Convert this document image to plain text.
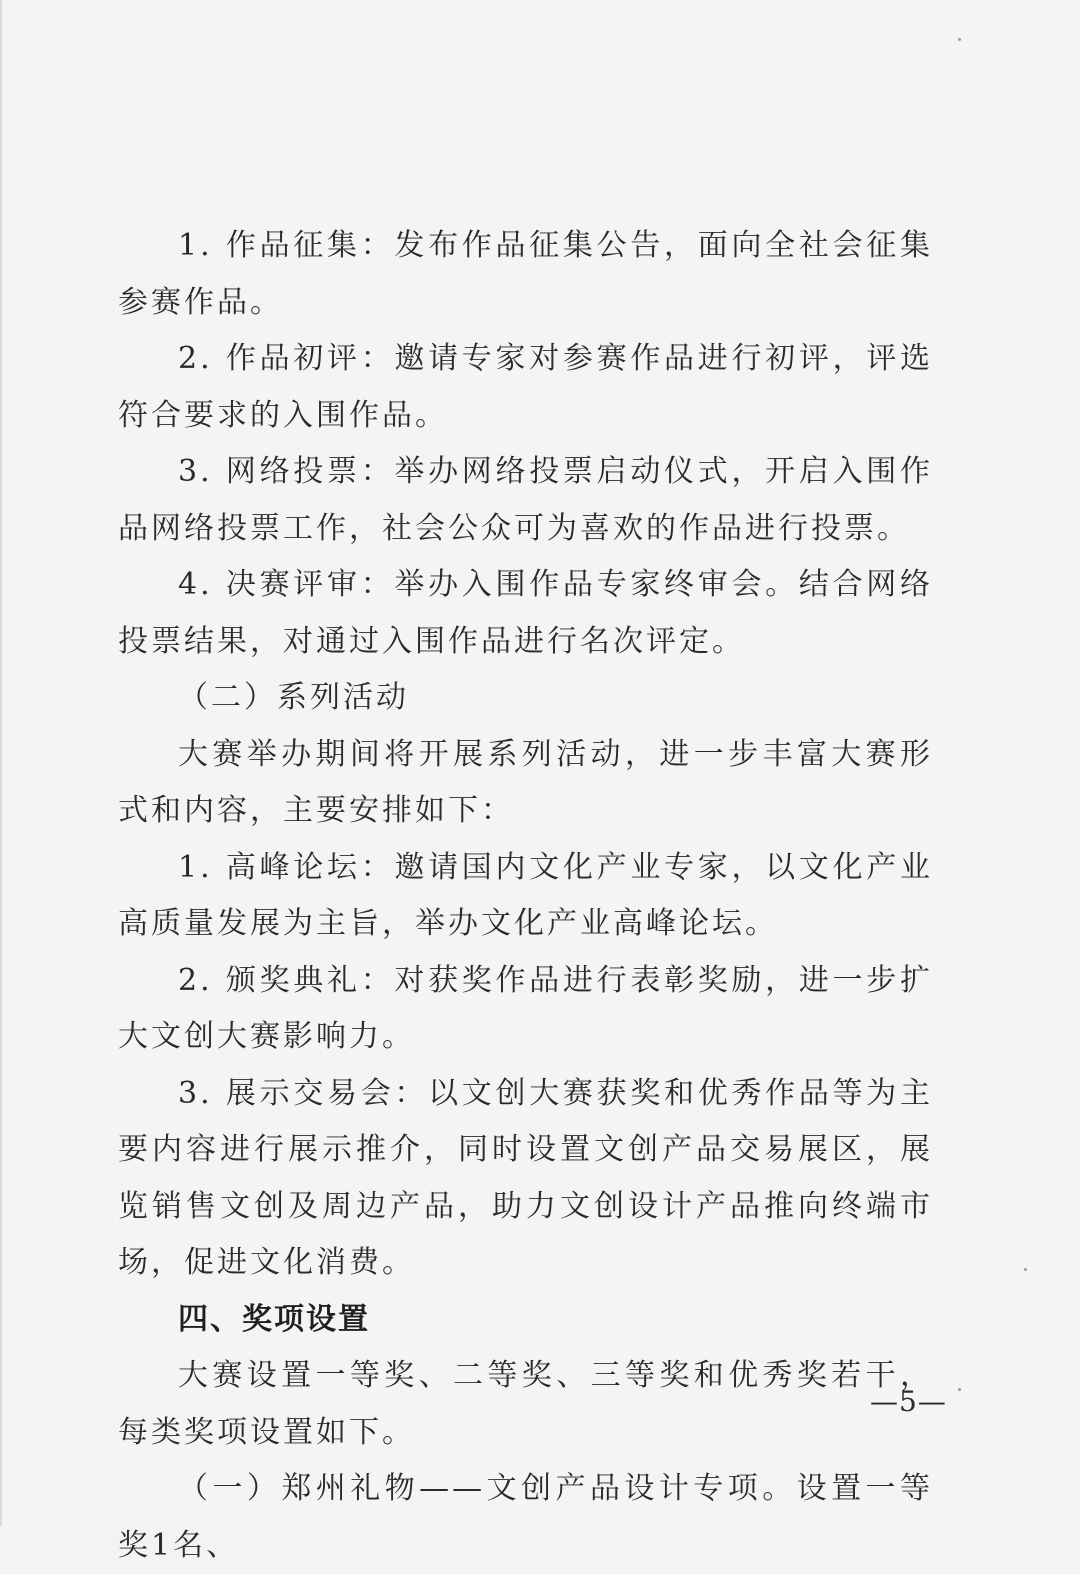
1. 作品征集：发布作品征集公告，面向全社会征集参赛作品。

2. 作品初评：邀请专家对参赛作品进行初评，评选符合要求的入围作品。

3. 网络投票：举办网络投票启动仪式，开启入围作品网络投票工作，社会公众可为喜欢的作品进行投票。

4. 决赛评审：举办入围作品专家终审会。结合网络投票结果，对通过入围作品进行名次评定。

（二）系列活动

大赛举办期间将开展系列活动，进一步丰富大赛形式和内容，主要安排如下：

1. 高峰论坛：邀请国内文化产业专家，以文化产业高质量发展为主旨，举办文化产业高峰论坛。

2. 颁奖典礼：对获奖作品进行表彰奖励，进一步扩大文创大赛影响力。

3. 展示交易会：以文创大赛获奖和优秀作品等为主要内容进行展示推介，同时设置文创产品交易展区，展览销售文创及周边产品，助力文创设计产品推向终端市场，促进文化消费。

四、奖项设置

大赛设置一等奖、二等奖、三等奖和优秀奖若干，每类奖项设置如下。

（一）郑州礼物——文创产品设计专项。设置一等奖1名、

—5—
